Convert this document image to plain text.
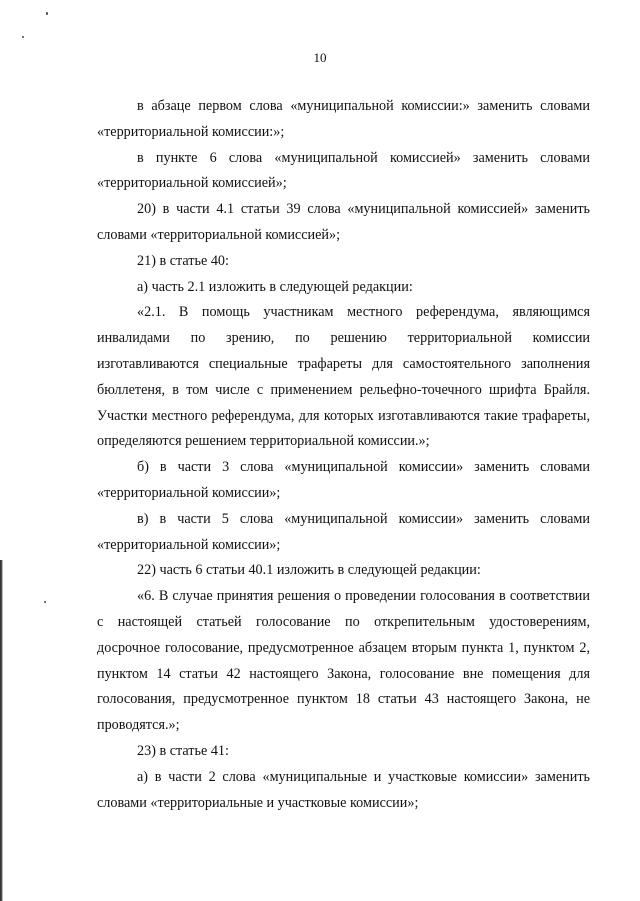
10

в абзаце первом слова «муниципальной комиссии:» заменить словами «территориальной комиссии:»;

в пункте 6 слова «муниципальной комиссией» заменить словами «территориальной комиссией»;

20) в части 4.1 статьи 39 слова «муниципальной комиссией» заменить словами «территориальной комиссией»;

21) в статье 40:

а) часть 2.1 изложить в следующей редакции:

«2.1. В помощь участникам местного референдума, являющимся инвалидами по зрению, по решению территориальной комиссии изготавливаются специальные трафареты для самостоятельного заполнения бюллетеня, в том числе с применением рельефно-точечного шрифта Брайля. Участки местного референдума, для которых изготавливаются такие трафареты, определяются решением территориальной комиссии.»;

б) в части 3 слова «муниципальной комиссии» заменить словами «территориальной комиссии»;

в) в части 5 слова «муниципальной комиссии» заменить словами «территориальной комиссии»;

22) часть 6 статьи 40.1 изложить в следующей редакции:

«6. В случае принятия решения о проведении голосования в соответствии с настоящей статьей голосование по открепительным удостоверениям, досрочное голосование, предусмотренное абзацем вторым пункта 1, пунктом 2, пунктом 14 статьи 42 настоящего Закона, голосование вне помещения для голосования, предусмотренное пунктом 18 статьи 43 настоящего Закона, не проводятся.»;

23) в статье 41:

а) в части 2 слова «муниципальные и участковые комиссии» заменить словами «территориальные и участковые комиссии»;
